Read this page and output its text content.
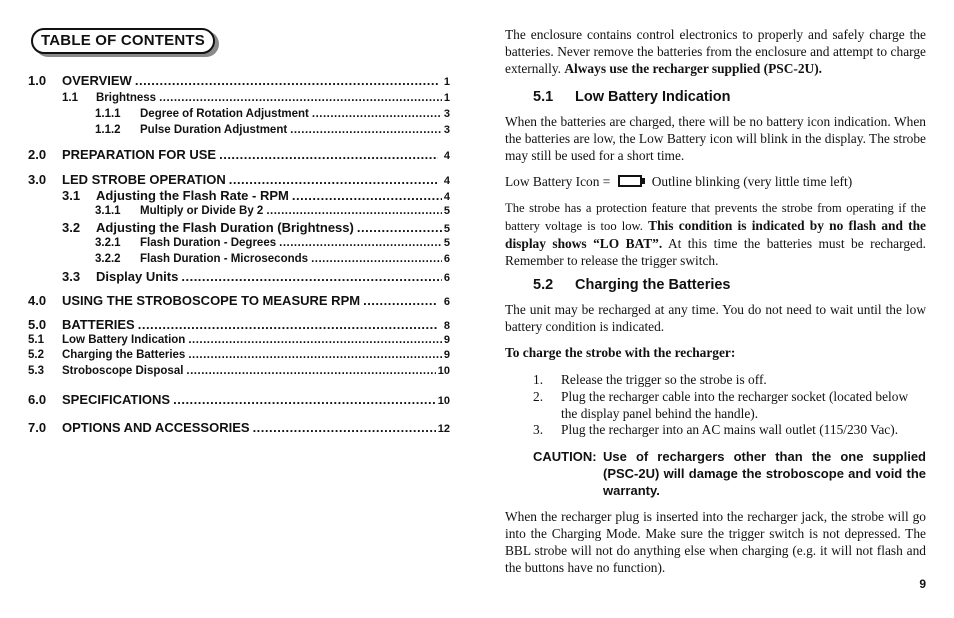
TABLE OF CONTENTS
1.0	OVERVIEW .....	1
1.1	Brightness .....	1
1.1.1	Degree of Rotation Adjustment .....	3
1.1.2	Pulse Duration Adjustment .....	3
2.0	PREPARATION FOR USE .....	4
3.0	LED STROBE OPERATION .....	4
3.1	Adjusting the Flash Rate - RPM .....	4
3.1.1	Multiply or Divide By 2 .....	5
3.2	Adjusting the Flash Duration (Brightness) .....	5
3.2.1	Flash Duration - Degrees .....	5
3.2.2	Flash Duration - Microseconds .....	6
3.3	Display Units .....	6
4.0	USING THE STROBOSCOPE TO MEASURE RPM .....	6
5.0	BATTERIES .....	8
5.1	Low Battery Indication .....	9
5.2	Charging the Batteries .....	9
5.3	Stroboscope Disposal .....	10
6.0	SPECIFICATIONS .....	10
7.0	OPTIONS AND ACCESSORIES .....	12
The enclosure contains control electronics to properly and safely charge the batteries. Never remove the batteries from the enclosure and attempt to charge externally. Always use the recharger supplied (PSC-2U).
5.1 Low Battery Indication
When the batteries are charged, there will be no battery icon indication. When the batteries are low, the Low Battery icon will blink in the display. The strobe may still be used for a short time.
Low Battery Icon =	Outline blinking (very little time left)
The strobe has a protection feature that prevents the strobe from operating if the battery voltage is too low. This condition is indicated by no flash and the display shows “LO BAT”. At this time the batteries must be recharged. Remember to release the trigger switch.
5.2 Charging the Batteries
The unit may be recharged at any time. You do not need to wait until the low battery condition is indicated.
To charge the strobe with the recharger:
1. Release the trigger so the strobe is off.
2. Plug the recharger cable into the recharger socket (located below the display panel behind the handle).
3. Plug the recharger into an AC mains wall outlet (115/230 Vac).
CAUTION: Use of rechargers other than the one supplied (PSC-2U) will damage the stroboscope and void the warranty.
When the recharger plug is inserted into the recharger jack, the strobe will go into the Charging Mode. Make sure the trigger switch is not depressed. The BBL strobe will not do anything else when charging (e.g. it will not flash and the buttons have no function).
9
